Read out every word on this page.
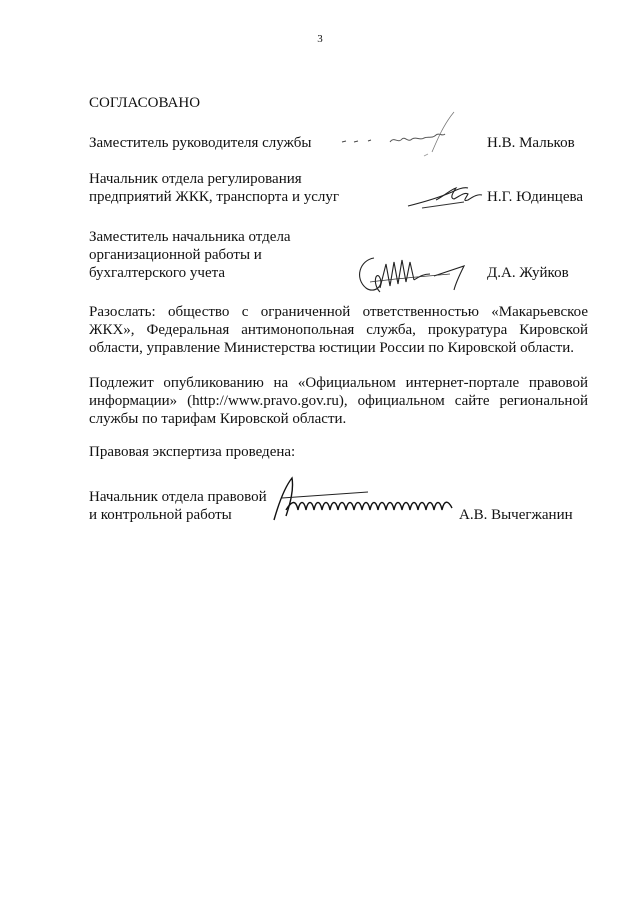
3
СОГЛАСОВАНО
Заместитель руководителя службы	Н.В. Мальков
Начальник отдела регулирования
предприятий ЖКК, транспорта и услуг	Н.Г. Юдинцева
Заместитель начальника отдела
организационной работы и
бухгалтерского учета	Д.А. Жуйков
Разослать: общество с ограниченной ответственностью «Макарьевское ЖКХ», Федеральная антимонопольная служба, прокуратура Кировской области, управление Министерства юстиции России по Кировской области.
Подлежит опубликованию на «Официальном интернет-портале правовой информации» (http://www.pravo.gov.ru), официальном сайте региональной службы по тарифам Кировской области.
Правовая экспертиза проведена:
Начальник отдела правовой
и контрольной работы	А.В. Вычегжанин
